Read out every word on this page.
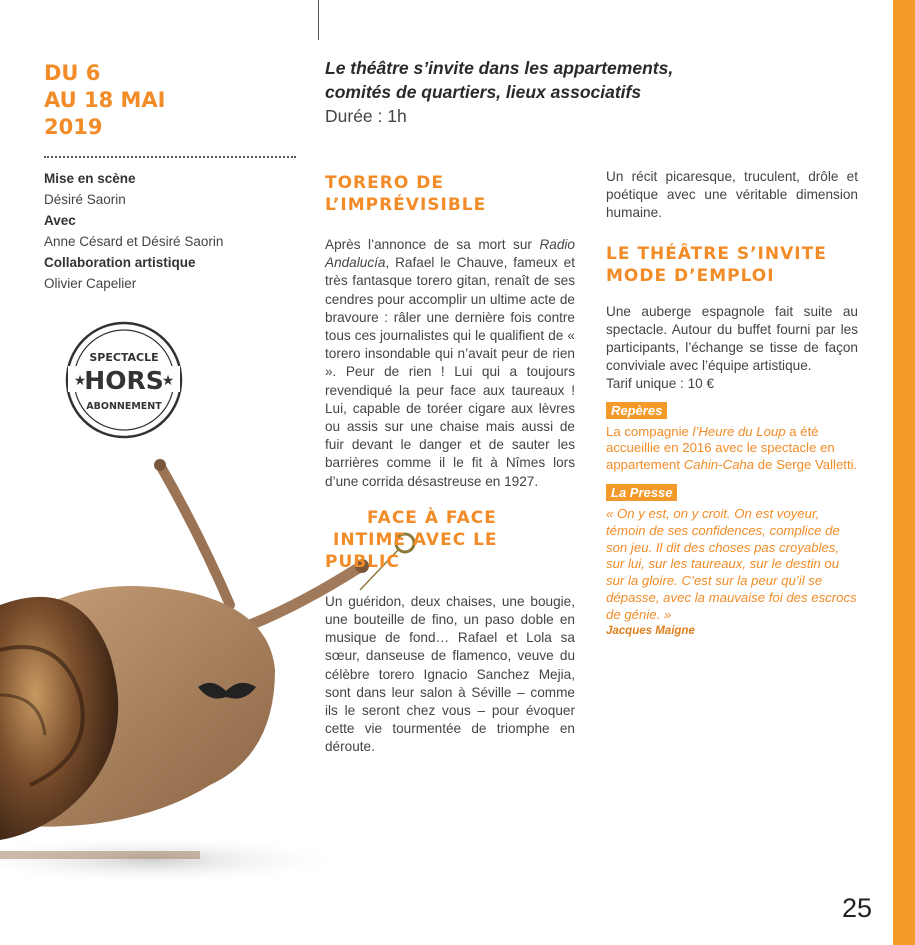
DU 6
AU 18 MAI
2019
Mise en scène
Désiré Saorin
Avec
Anne Césard et Désiré Saorin
Collaboration artistique
Olivier Capelier
SPECTACLE
★	★
HORS
ABONNEMENT
Le théâtre s’invite dans les appartements,
comités de quartiers, lieux associatifs
Durée : 1h
TORERO DE
L’IMPRÉVISIBLE

Après l’annonce de sa mort sur Radio Andalucía, Rafael le Chauve, fameux et très fantasque torero gitan, renaît de ses cendres pour accomplir un ultime acte de bravoure : râler une dernière fois contre tous ces journalistes qui le qualifient de « torero insondable qui n’avait peur de rien ». Peur de rien ! Lui qui a toujours revendiqué la peur face aux taureaux ! Lui, capable de toréer cigare aux lèvres ou assis sur une chaise mais aussi de fuir devant le danger et de sauter les barrières comme il le fit à Nîmes lors d’une corrida désastreuse en 1927.

FACE À FACE
INTIME AVEC LE
PUBLIC

Un guéridon, deux chaises, une bougie, une bouteille de fino, un paso doble en musique de fond… Rafael et Lola sa sœur, danseuse de flamenco, veuve du célèbre torero Ignacio Sanchez Mejia, sont dans leur salon à Séville – comme ils le seront chez vous – pour évoquer cette vie tourmentée de triomphe en déroute.

Un récit picaresque, truculent, drôle et poétique avec une véritable dimension humaine.

LE THÉÂTRE S’INVITE
MODE D’EMPLOI

Une auberge espagnole fait suite au spectacle. Autour du buffet fourni par les participants, l’échange se tisse de façon conviviale avec l’équipe artistique.

Tarif unique : 10 €

Repères
La compagnie l’Heure du Loup a été accueillie en 2016 avec le spectacle en appartement Cahin-Caha de Serge Valletti.
La Presse
« On y est, on y croit. On est voyeur, témoin de ses confidences, complice de son jeu. Il dit des choses pas croyables, sur lui, sur les taureaux, sur le destin ou sur la gloire. C’est sur la peur qu’il se dépasse, avec la mauvaise foi des escrocs de génie. »
Jacques Maigne
25
